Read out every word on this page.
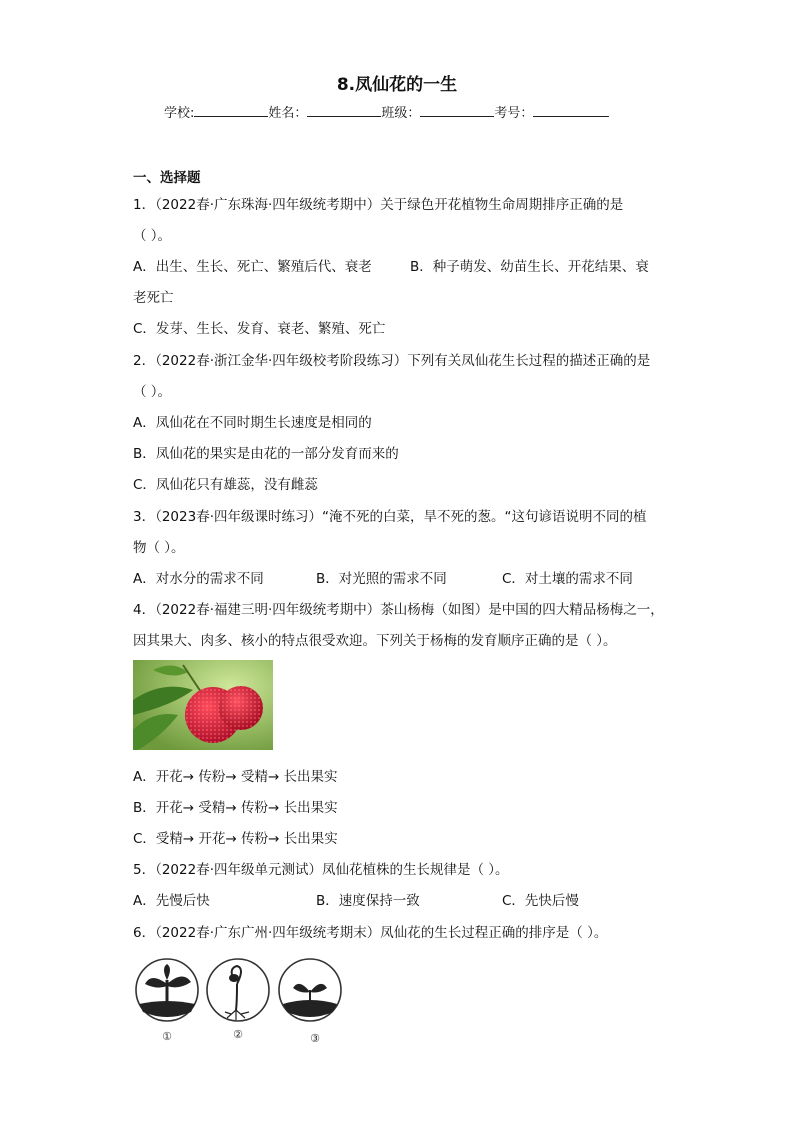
8.凤仙花的一生
学校:	姓名：	班级：	考号：
一、选择题
1．（2022春·广东珠海·四年级统考期中）关于绿色开花植物生命周期排序正确的是
（ ）。
A．出生、生长、死亡、繁殖后代、衰老	B．种子萌发、幼苗生长、开花结果、衰
老死亡
C．发芽、生长、发育、衰老、繁殖、死亡
2．（2022春·浙江金华·四年级校考阶段练习）下列有关凤仙花生长过程的描述正确的是
（ ）。
A．凤仙花在不同时期生长速度是相同的
B．凤仙花的果实是由花的一部分发育而来的
C．凤仙花只有雄蕊，没有雌蕊
3．（2023春·四年级课时练习）“淹不死的白菜，旱不死的葱。“这句谚语说明不同的植
物（ ）。
A．对水分的需求不同	B．对光照的需求不同	C．对土壤的需求不同
4．（2022春·福建三明·四年级统考期中）茶山杨梅（如图）是中国的四大精品杨梅之一，
因其果大、肉多、核小的特点很受欢迎。下列关于杨梅的发育顺序正确的是（ ）。
A．开花→ 传粉→ 受精→ 长出果实
B．开花→ 受精→ 传粉→ 长出果实
C．受精→ 开花→ 传粉→ 长出果实
5．（2022春·四年级单元测试）凤仙花植株的生长规律是（ ）。
A．先慢后快	B．速度保持一致	C．先快后慢
6．（2022春·广东广州·四年级统考期末）凤仙花的生长过程正确的排序是（ ）。
①	②	③
